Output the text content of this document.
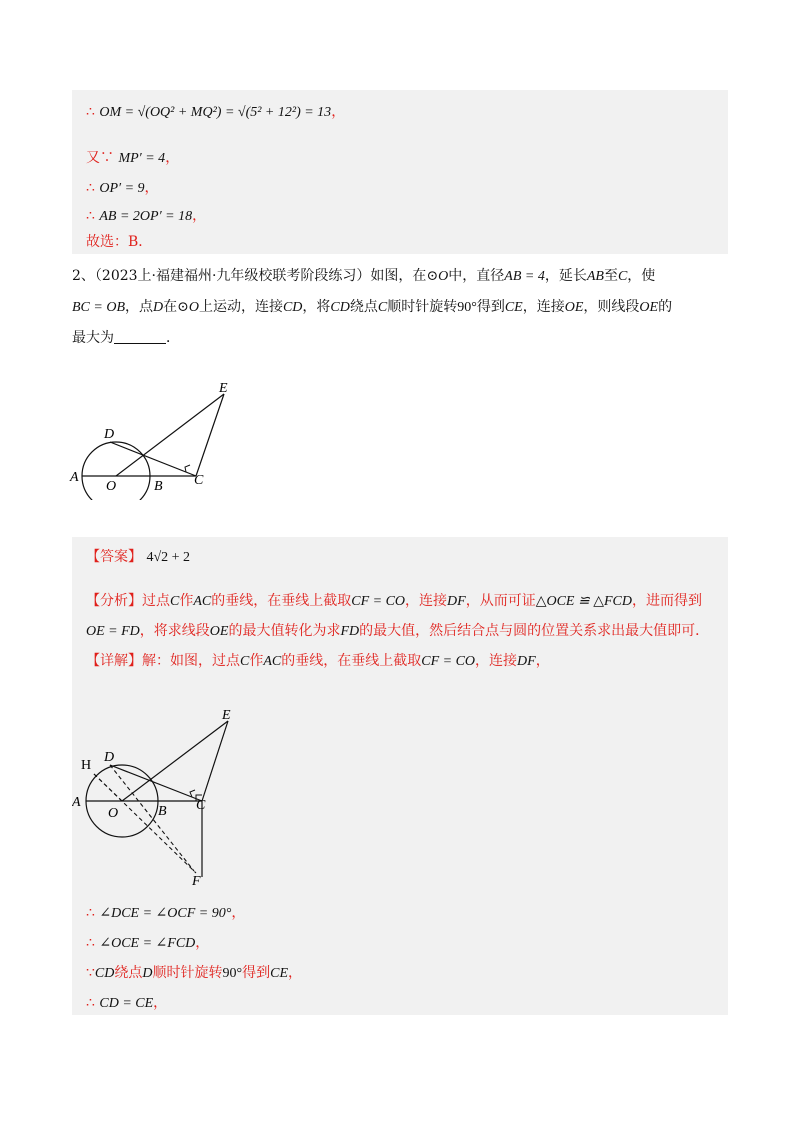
∴ OM = √(OQ² + MQ²) = √(5² + 12²) = 13，
又∵ MP′ = 4，
∴ OP′ = 9，
∴ AB = 2OP′ = 18，
故选：B．
2、（2023上·福建福州·九年级校联考阶段练习）如图，在⊙O中，直径AB = 4，延长AB至C，使
BC = OB，点D在⊙O上运动，连接CD，将CD绕点C顺时针旋转90°得到CE，连接OE，则线段OE的
最大为	．
E
D
A
O	B C
【答案】 4√2 + 2
【分析】过点C作AC的垂线，在垂线上截取CF = CO，连接DF，从而可证△OCE ≌ △FCD，进而得到
OE = FD，将求线段OE的最大值转化为求FD的最大值，然后结合点与圆的位置关系求出最大值即可．
【详解】解：如图，过点C作AC的垂线，在垂线上截取CF = CO，连接DF，
E
H
D
A
O	B C
F
∴ ∠DCE = ∠OCF = 90°，
∴ ∠OCE = ∠FCD，
∵CD绕点D顺时针旋转90°得到CE，
∴ CD = CE，
